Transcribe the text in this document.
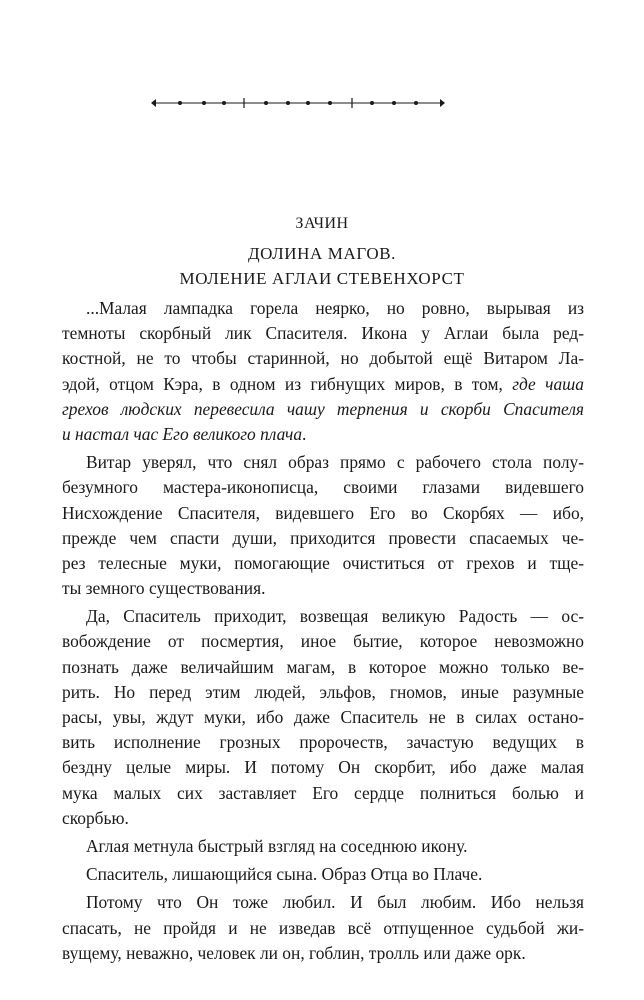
ЗАЧИН
ДОЛИНА МАГОВ.
МОЛЕНИЕ АГЛАИ СТЕВЕНХОРСТ
...Малая лампадка горела неярко, но ровно, вырывая из
темноты скорбный лик Спасителя. Икона у Аглаи была ред-
костной, не то чтобы старинной, но добытой ещё Витаром Ла-
эдой, отцом Кэра, в одном из гибнущих миров, в том, где чаша
грехов людских перевесила чашу терпения и скорби Спасителя
и настал час Его великого плача.
Витар уверял, что снял образ прямо с рабочего стола полу-
безумного мастера-иконописца, своими глазами видевшего
Нисхождение Спасителя, видевшего Его во Скорбях — ибо,
прежде чем спасти души, приходится провести спасаемых че-
рез телесные муки, помогающие очиститься от грехов и тще-
ты земного существования.
Да, Спаситель приходит, возвещая великую Радость — ос-
вобождение от посмертия, иное бытие, которое невозможно
познать даже величайшим магам, в которое можно только ве-
рить. Но перед этим людей, эльфов, гномов, иные разумные
расы, увы, ждут муки, ибо даже Спаситель не в силах останo-
вить исполнение грозных пророчеств, зачастую ведущих в
бездну целые миры. И потому Он скорбит, ибо даже малая
мука малых сих заставляет Его сердце полниться болью и
скорбью.
Аглая метнула быстрый взгляд на соседнюю икону.
Спаситель, лишающийся сына. Образ Отца во Плаче.
Потому что Он тоже любил. И был любим. Ибо нельзя
спасать, не пройдя и не изведав всё отпущенное судьбой жи-
вущему, неважно, человек ли он, гоблин, тролль или даже орк.
